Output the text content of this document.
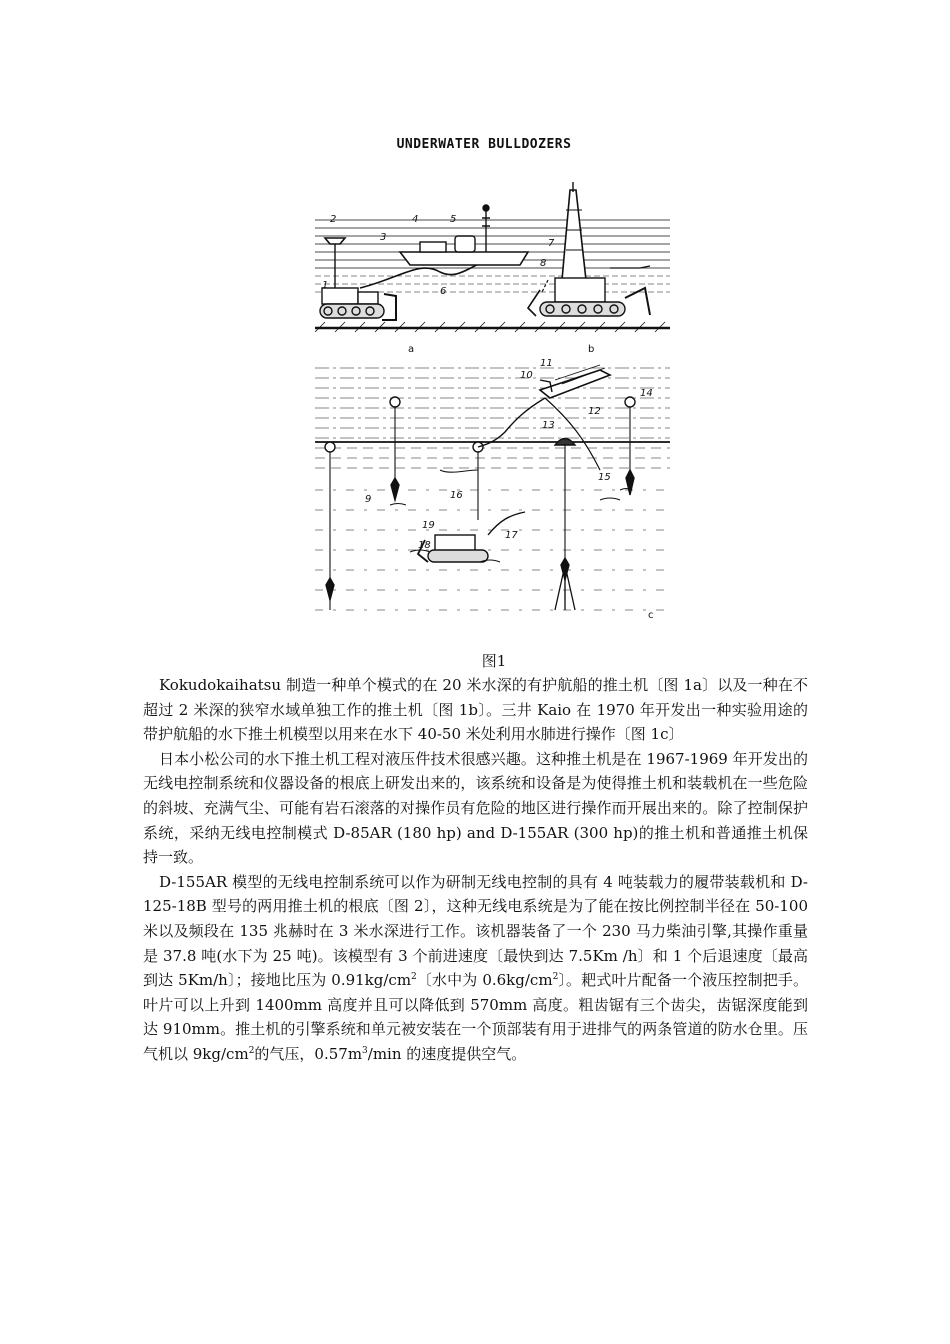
UNDERWATER BULLDOZERS
1
2
3
4	5
6
7
8
9
10
11
12
13
14
15
16
17
18
19
a	b
c
图1

Kokudokaihatsu 制造一种单个模式的在 20 米水深的有护航船的推土机〔图 1a〕以及一种在不超过 2 米深的狭窄水域单独工作的推土机〔图 1b〕。三井 Kaio 在 1970 年开发出一种实验用途的带护航船的水下推土机模型以用来在水下 40-50 米处利用水肺进行操作〔图 1c〕

日本小松公司的水下推土机工程对液压件技术很感兴趣。这种推土机是在 1967-1969 年开发出的无线电控制系统和仪器设备的根底上研发出来的，该系统和设备是为使得推土机和装载机在一些危险的斜坡、充满气尘、可能有岩石滚落的对操作员有危险的地区进行操作而开展出来的。除了控制保护系统，采纳无线电控制模式 D-85AR (180 hp) and D-155AR (300 hp)的推土机和普通推土机保持一致。

D-155AR 模型的无线电控制系统可以作为研制无线电控制的具有 4 吨装载力的履带装载机和 D-125-18B 型号的两用推土机的根底〔图 2〕，这种无线电系统是为了能在按比例控制半径在 50-100 米以及频段在 135 兆赫时在 3 米水深进行工作。该机器装备了一个 230 马力柴油引擎,其操作重量是 37.8 吨(水下为 25 吨)。该模型有 3 个前进速度〔最快到达 7.5Km /h〕和 1 个后退速度〔最高到达 5Km/h〕；接地比压为 $0.91kg/cm^2$〔水中为 $0.6kg/cm^2$〕。耙式叶片配备一个液压控制把手。叶片可以上升到 1400mm 高度并且可以降低到 570mm 高度。粗齿锯有三个齿尖，齿锯深度能到达 910mm。推土机的引擎系统和单元被安装在一个顶部装有用于进排气的两条管道的防水仓里。压气机以 $9kg/cm^2$的气压，$0.57m^3/\min$ 的速度提供空气。
